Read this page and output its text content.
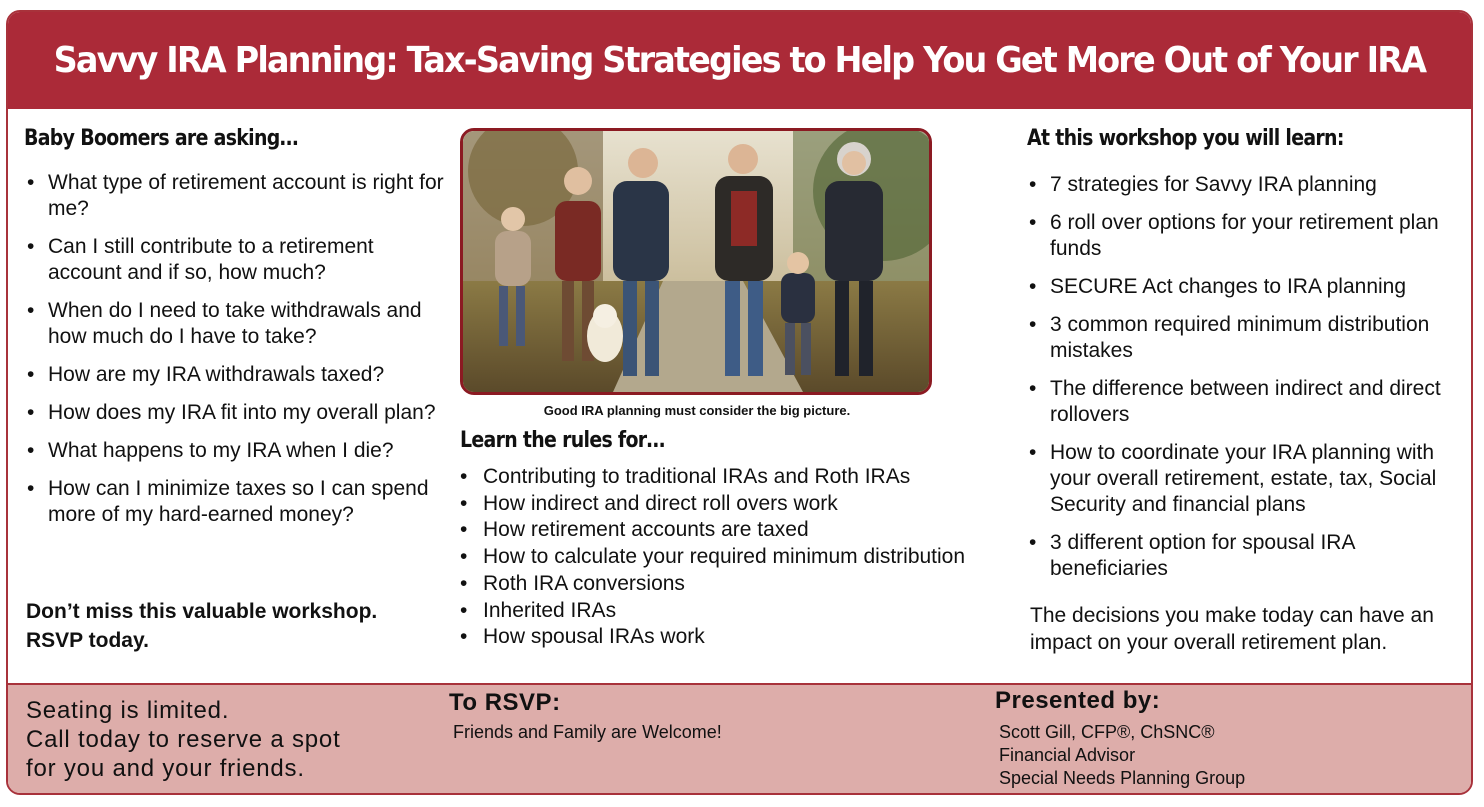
Savvy IRA Planning: Tax-Saving Strategies to Help You Get More Out of Your IRA
Baby Boomers are asking…
• What type of retirement account is right for me?
• Can I still contribute to a retirement account and if so, how much?
• When do I need to take withdrawals and how much do I have to take?
• How are my IRA withdrawals taxed?
• How does my IRA fit into my overall plan?
• What happens to my IRA when I die?
• How can I minimize taxes so I can spend more of my hard-earned money?
Don’t miss this valuable workshop.
RSVP today.
Good IRA planning must consider the big picture.
Learn the rules for…
• Contributing to traditional IRAs and Roth IRAs
• How indirect and direct roll overs work
• How retirement accounts are taxed
• How to calculate your required minimum distribution
• Roth IRA conversions
• Inherited IRAs
• How spousal IRAs work
At this workshop you will learn:
• 7 strategies for Savvy IRA planning
• 6 roll over options for your retirement plan funds
• SECURE Act changes to IRA planning
• 3 common required minimum distribution mistakes
• The difference between indirect and direct rollovers
• How to coordinate your IRA planning with your overall retirement, estate, tax, Social Security and financial plans
• 3 different option for spousal IRA beneficiaries
The decisions you make today can have an impact on your overall retirement plan.
Seating is limited.
Call today to reserve a spot
for you and your friends.
To RSVP:
Friends and Family are Welcome!
Presented by:
Scott Gill, CFP®, ChSNC®
Financial Advisor
Special Needs Planning Group
